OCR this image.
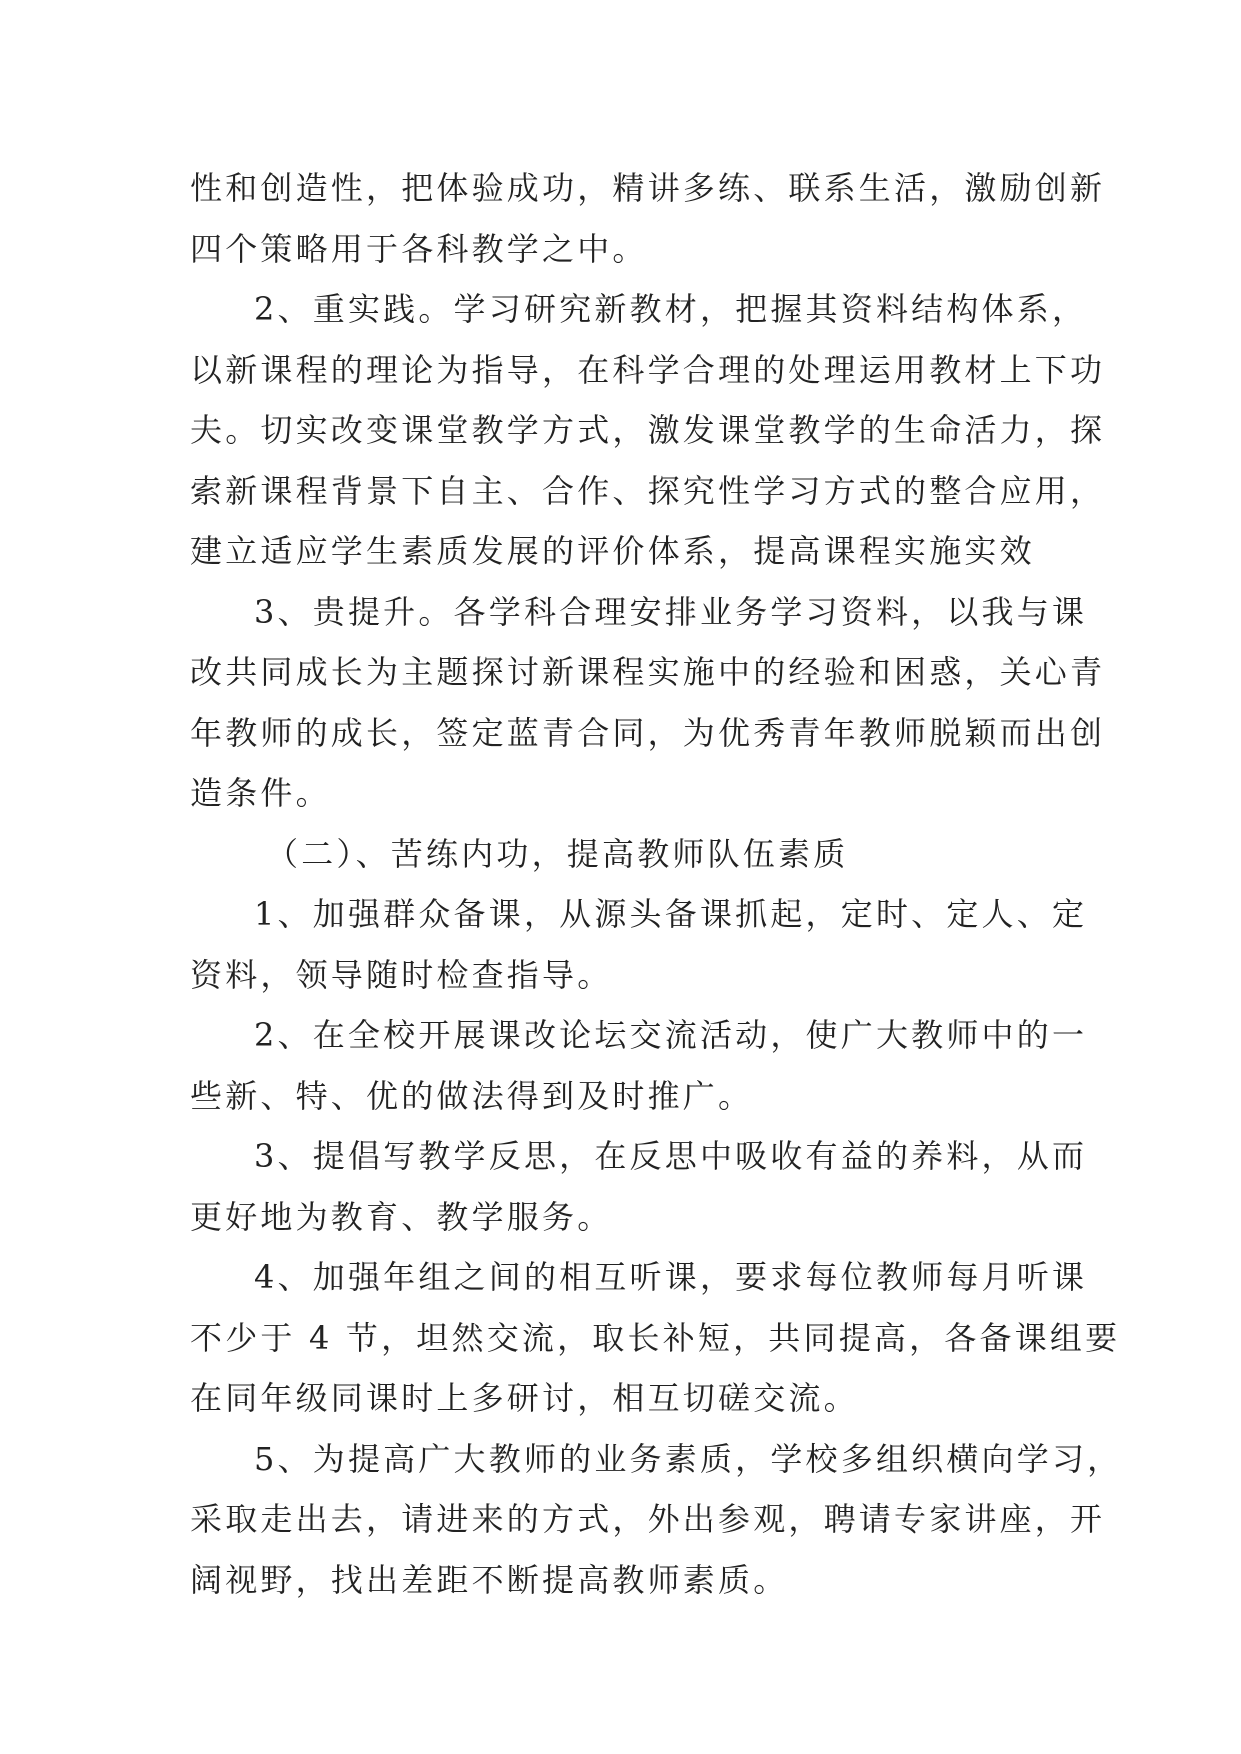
性和创造性，把体验成功，精讲多练、联系生活，激励创新
四个策略用于各科教学之中。
2、重实践。学习研究新教材，把握其资料结构体系，
以新课程的理论为指导，在科学合理的处理运用教材上下功
夫。切实改变课堂教学方式，激发课堂教学的生命活力，探
索新课程背景下自主、合作、探究性学习方式的整合应用，
建立适应学生素质发展的评价体系，提高课程实施实效
3、贵提升。各学科合理安排业务学习资料，以我与课
改共同成长为主题探讨新课程实施中的经验和困惑，关心青
年教师的成长，签定蓝青合同，为优秀青年教师脱颖而出创
造条件。
（二）、苦练内功，提高教师队伍素质
1、加强群众备课，从源头备课抓起，定时、定人、定
资料，领导随时检查指导。
2、在全校开展课改论坛交流活动，使广大教师中的一
些新、特、优的做法得到及时推广。
3、提倡写教学反思，在反思中吸收有益的养料，从而
更好地为教育、教学服务。
4、加强年组之间的相互听课，要求每位教师每月听课
不少于 4 节，坦然交流，取长补短，共同提高，各备课组要
在同年级同课时上多研讨，相互切磋交流。
5、为提高广大教师的业务素质，学校多组织横向学习，
采取走出去，请进来的方式，外出参观，聘请专家讲座，开
阔视野，找出差距不断提高教师素质。
